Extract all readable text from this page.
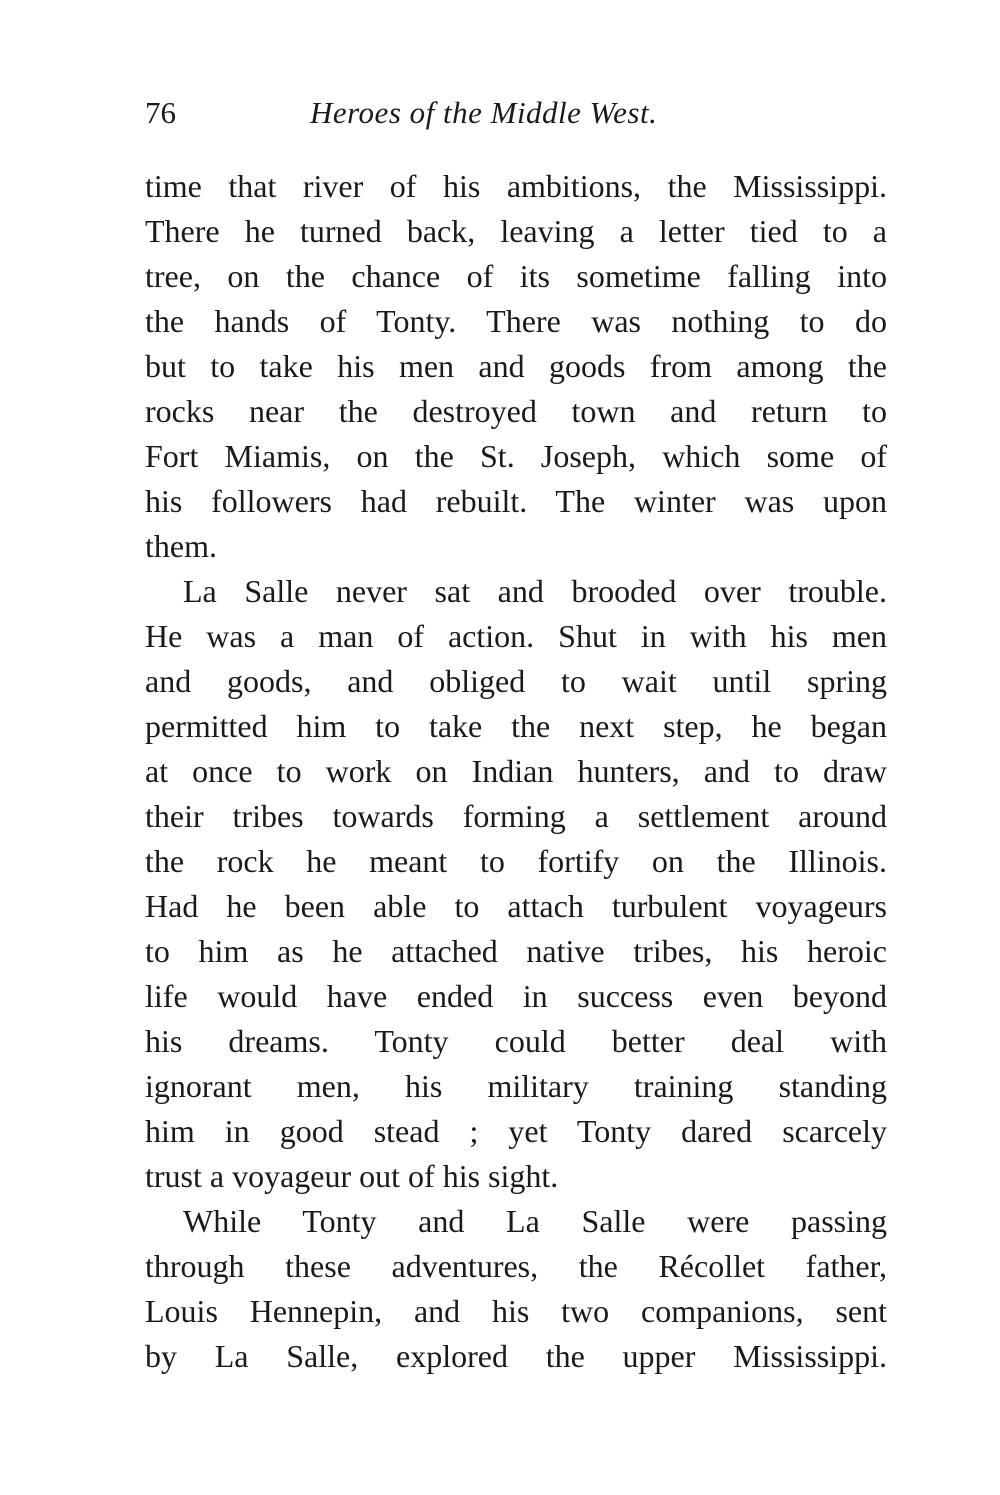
76	Heroes of the Middle West.
time that river of his ambitions, the Mississippi.
There he turned back, leaving a letter tied to a
tree, on the chance of its sometime falling into
the hands of Tonty. There was nothing to do
but to take his men and goods from among the
rocks near the destroyed town and return to
Fort Miamis, on the St. Joseph, which some of
his followers had rebuilt. The winter was upon
them.
La Salle never sat and brooded over trouble.
He was a man of action. Shut in with his men
and goods, and obliged to wait until spring
permitted him to take the next step, he began
at once to work on Indian hunters, and to draw
their tribes towards forming a settlement around
the rock he meant to fortify on the Illinois.
Had he been able to attach turbulent voyageurs
to him as he attached native tribes, his heroic
life would have ended in success even beyond
his dreams. Tonty could better deal with
ignorant men, his military training standing
him in good stead ; yet Tonty dared scarcely
trust a voyageur out of his sight.
While Tonty and La Salle were passing
through these adventures, the Récollet father,
Louis Hennepin, and his two companions, sent
by La Salle, explored the upper Mississippi.
